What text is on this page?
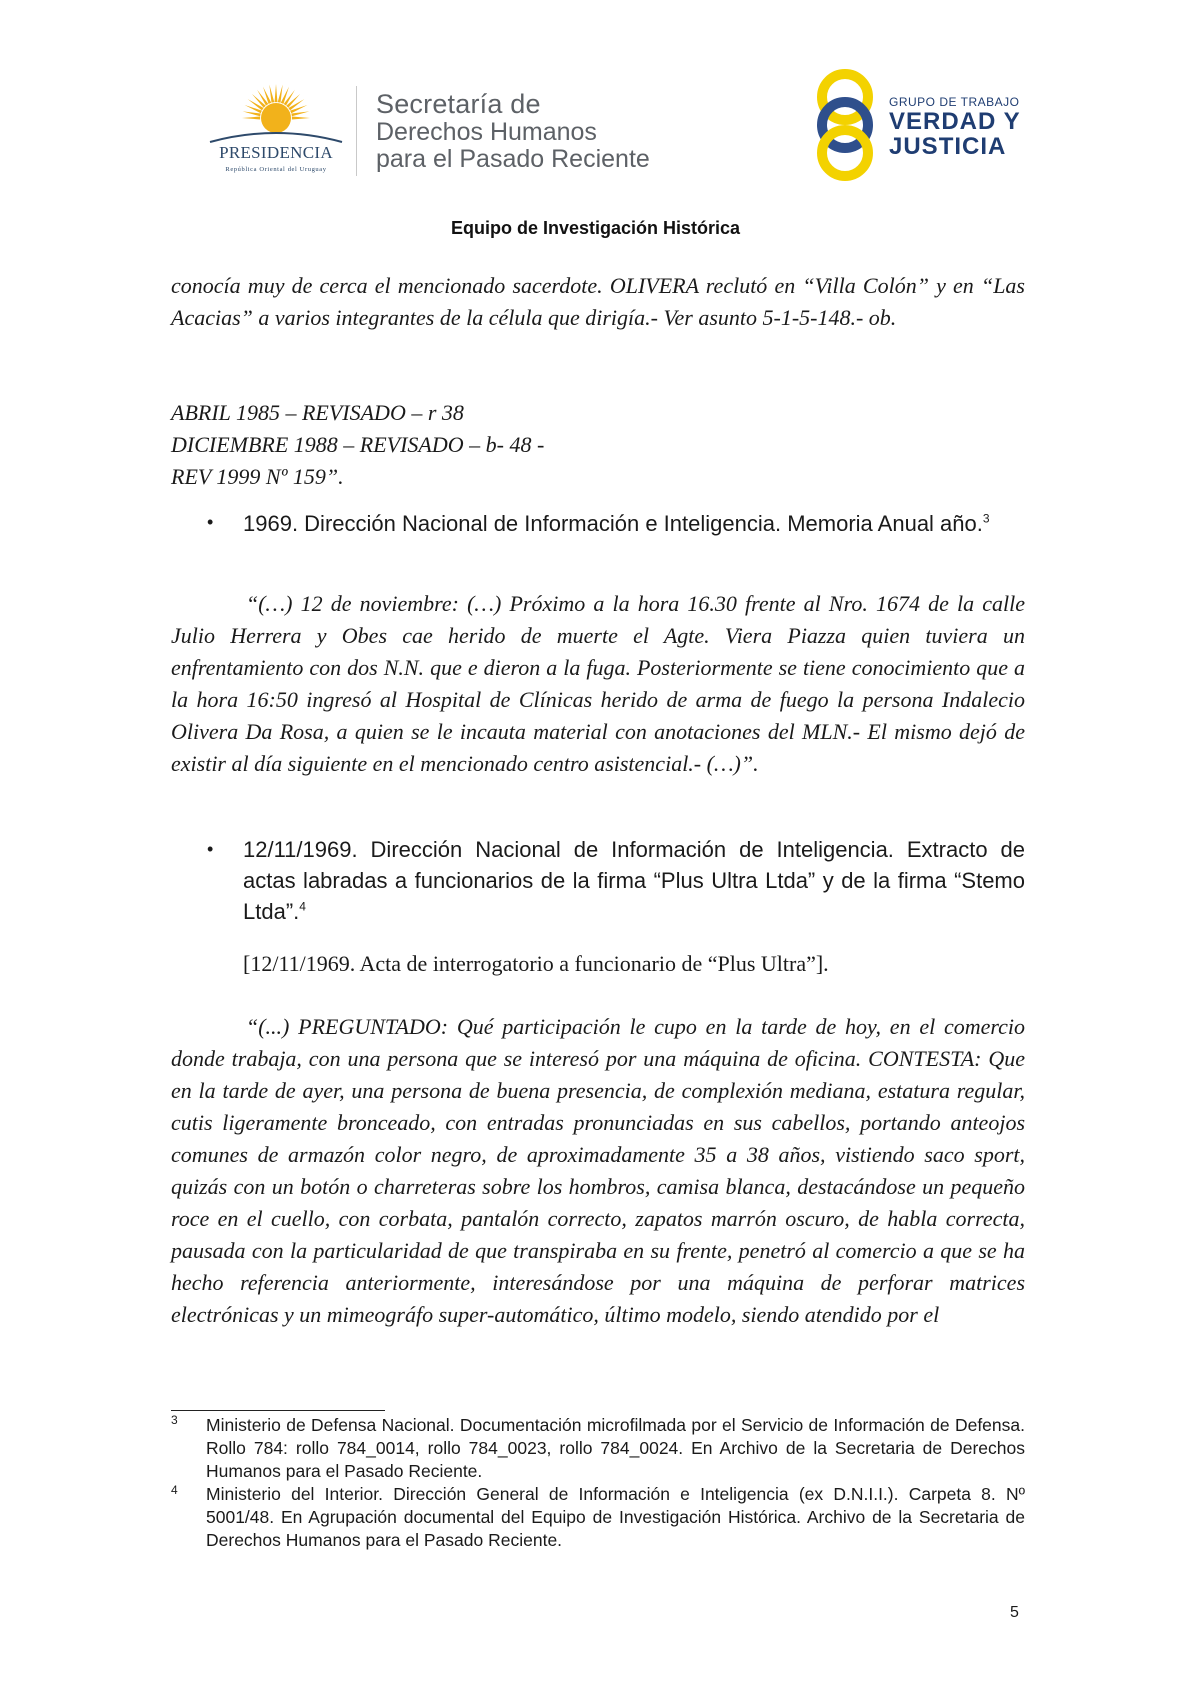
PRESIDENCIA
República Oriental del Uruguay
Secretaría de
Derechos Humanos
para el Pasado Reciente
GRUPO DE TRABAJO
VERDAD Y
JUSTICIA
Equipo de Investigación Histórica
conocía muy de cerca el mencionado sacerdote. OLIVERA reclutó en “Villa Colón” y en “Las Acacias” a varios integrantes de la célula que dirigía.- Ver asunto 5-1-5-148.- ob.
ABRIL 1985 – REVISADO – r 38
DICIEMBRE 1988 – REVISADO – b- 48 -
REV 1999 Nº 159”.
• 1969. Dirección Nacional de Información e Inteligencia. Memoria Anual año.$^3$
“(…) 12 de noviembre: (…) Próximo a la hora 16.30 frente al Nro. 1674 de la calle Julio Herrera y Obes cae herido de muerte el Agte. Viera Piazza quien tuviera un enfrentamiento con dos N.N. que e dieron a la fuga. Posteriormente se tiene conocimiento que a la hora 16:50 ingresó al Hospital de Clínicas herido de arma de fuego la persona Indalecio Olivera Da Rosa, a quien se le incauta material con anotaciones del MLN.- El mismo dejó de existir al día siguiente en el mencionado centro asistencial.- (…)”.
• 12/11/1969. Dirección Nacional de Información de Inteligencia. Extracto de actas labradas a funcionarios de la firma “Plus Ultra Ltda” y de la firma “Stemo Ltda”.$^4$
[12/11/1969. Acta de interrogatorio a funcionario de “Plus Ultra”].
“(...) PREGUNTADO: Qué participación le cupo en la tarde de hoy, en el comercio donde trabaja, con una persona que se interesó por una máquina de oficina. CONTESTA: Que en la tarde de ayer, una persona de buena presencia, de complexión mediana, estatura regular, cutis ligeramente bronceado, con entradas pronunciadas en sus cabellos, portando anteojos comunes de armazón color negro, de aproximadamente 35 a 38 años, vistiendo saco sport, quizás con un botón o charreteras sobre los hombros, camisa blanca, destacándose un pequeño roce en el cuello, con corbata, pantalón correcto, zapatos marrón oscuro, de habla correcta, pausada con la particularidad de que transpiraba en su frente, penetró al comercio a que se ha hecho referencia anteriormente, interesándose por una máquina de perforar matrices electrónicas y un mimeográfo super-automático, último modelo, siendo atendido por el
3 Ministerio de Defensa Nacional. Documentación microfilmada por el Servicio de Información de Defensa. Rollo 784: rollo 784_0014, rollo 784_0023, rollo 784_0024. En Archivo de la Secretaria de Derechos Humanos para el Pasado Reciente.
4 Ministerio del Interior. Dirección General de Información e Inteligencia (ex D.N.I.I.). Carpeta 8. Nº 5001/48. En Agrupación documental del Equipo de Investigación Histórica. Archivo de la Secretaria de Derechos Humanos para el Pasado Reciente.
5
